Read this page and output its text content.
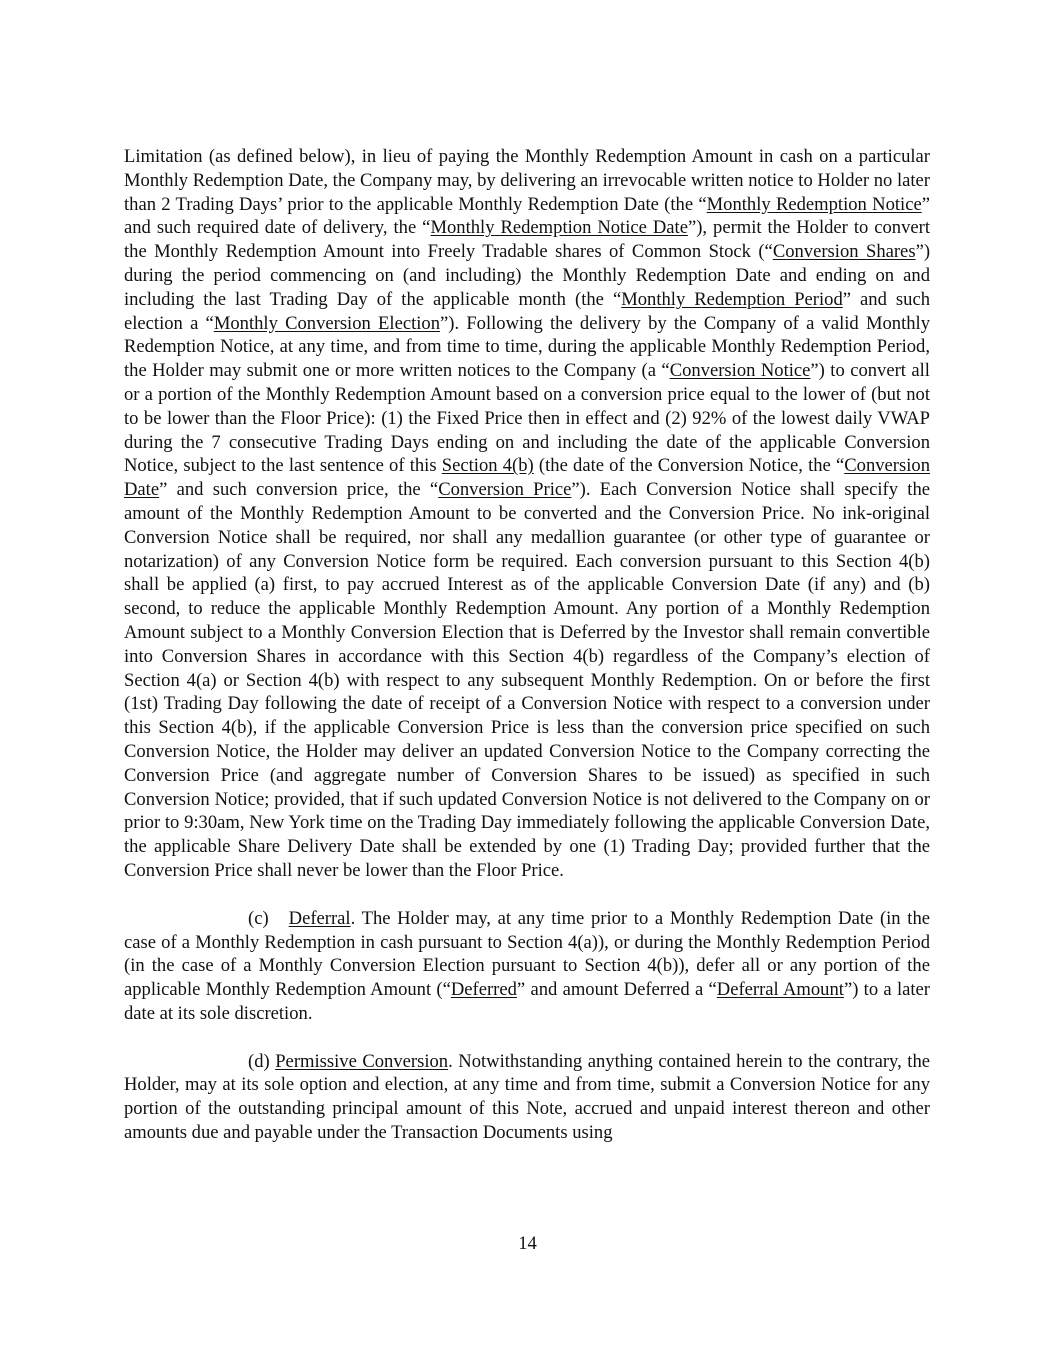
Limitation (as defined below), in lieu of paying the Monthly Redemption Amount in cash on a particular Monthly Redemption Date, the Company may, by delivering an irrevocable written notice to Holder no later than 2 Trading Days’ prior to the applicable Monthly Redemption Date (the “Monthly Redemption Notice” and such required date of delivery, the “Monthly Redemption Notice Date”), permit the Holder to convert the Monthly Redemption Amount into Freely Tradable shares of Common Stock (“Conversion Shares”) during the period commencing on (and including) the Monthly Redemption Date and ending on and including the last Trading Day of the applicable month (the “Monthly Redemption Period” and such election a “Monthly Conversion Election”). Following the delivery by the Company of a valid Monthly Redemption Notice, at any time, and from time to time, during the applicable Monthly Redemption Period, the Holder may submit one or more written notices to the Company (a “Conversion Notice”) to convert all or a portion of the Monthly Redemption Amount based on a conversion price equal to the lower of (but not to be lower than the Floor Price): (1) the Fixed Price then in effect and (2) 92% of the lowest daily VWAP during the 7 consecutive Trading Days ending on and including the date of the applicable Conversion Notice, subject to the last sentence of this Section 4(b) (the date of the Conversion Notice, the “Conversion Date” and such conversion price, the “Conversion Price”). Each Conversion Notice shall specify the amount of the Monthly Redemption Amount to be converted and the Conversion Price. No ink-original Conversion Notice shall be required, nor shall any medallion guarantee (or other type of guarantee or notarization) of any Conversion Notice form be required. Each conversion pursuant to this Section 4(b) shall be applied (a) first, to pay accrued Interest as of the applicable Conversion Date (if any) and (b) second, to reduce the applicable Monthly Redemption Amount. Any portion of a Monthly Redemption Amount subject to a Monthly Conversion Election that is Deferred by the Investor shall remain convertible into Conversion Shares in accordance with this Section 4(b) regardless of the Company’s election of Section 4(a) or Section 4(b) with respect to any subsequent Monthly Redemption. On or before the first (1st) Trading Day following the date of receipt of a Conversion Notice with respect to a conversion under this Section 4(b), if the applicable Conversion Price is less than the conversion price specified on such Conversion Notice, the Holder may deliver an updated Conversion Notice to the Company correcting the Conversion Price (and aggregate number of Conversion Shares to be issued) as specified in such Conversion Notice; provided, that if such updated Conversion Notice is not delivered to the Company on or prior to 9:30am, New York time on the Trading Day immediately following the applicable Conversion Date, the applicable Share Delivery Date shall be extended by one (1) Trading Day; provided further that the Conversion Price shall never be lower than the Floor Price.

(c)   Deferral. The Holder may, at any time prior to a Monthly Redemption Date (in the case of a Monthly Redemption in cash pursuant to Section 4(a)), or during the Monthly Redemption Period (in the case of a Monthly Conversion Election pursuant to Section 4(b)), defer all or any portion of the applicable Monthly Redemption Amount (“Deferred” and amount Deferred a “Deferral Amount”) to a later date at its sole discretion.

(d) Permissive Conversion. Notwithstanding anything contained herein to the contrary, the Holder, may at its sole option and election, at any time and from time, submit a Conversion Notice for any portion of the outstanding principal amount of this Note, accrued and unpaid interest thereon and other amounts due and payable under the Transaction Documents using

14
